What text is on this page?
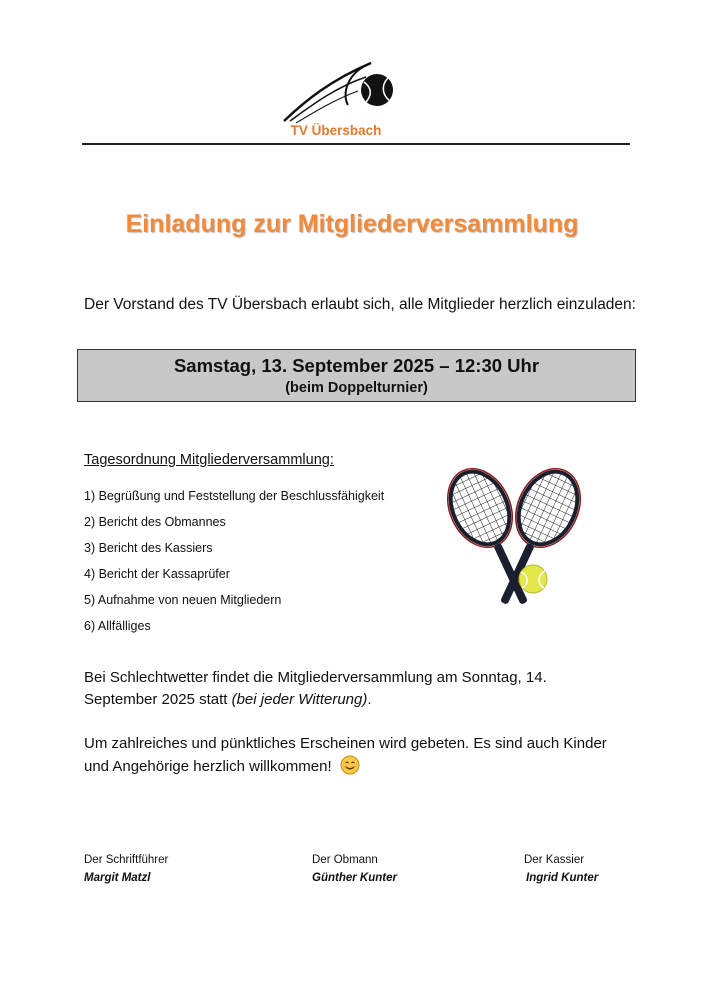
TV Übersbach
Einladung zur Mitgliederversammlung
Der Vorstand des TV Übersbach erlaubt sich, alle Mitglieder herzlich einzuladen:
Samstag, 13. September 2025 – 12:30 Uhr
(beim Doppelturnier)
Tagesordnung Mitgliederversammlung:
1) Begrüßung und Feststellung der Beschlussfähigkeit
2) Bericht des Obmannes
3) Bericht des Kassiers
4) Bericht der Kassaprüfer
5) Aufnahme von neuen Mitgliedern
6) Allfälliges
Bei Schlechtwetter findet die Mitgliederversammlung am Sonntag, 14. September 2025 statt (bei jeder Witterung).
Um zahlreiches und pünktliches Erscheinen wird gebeten. Es sind auch Kinder und Angehörige herzlich willkommen!
Der Schriftführer
Margit Matzl
Der Obmann
Günther Kunter
Der Kassier
Ingrid Kunter
